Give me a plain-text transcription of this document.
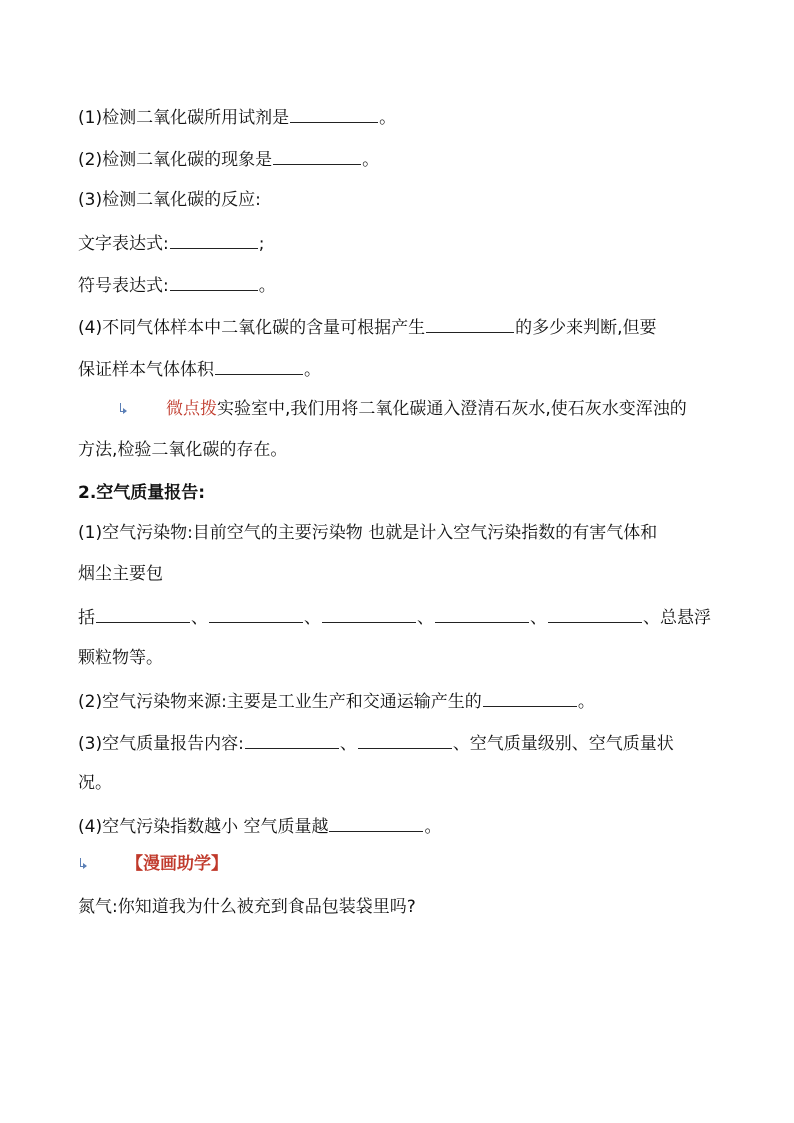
(1)检测二氧化碳所用试剂是	。
(2)检测二氧化碳的现象是	。
(3)检测二氧化碳的反应:
文字表达式:	;
符号表达式:	。
(4)不同气体样本中二氧化碳的含量可根据产生	的多少来判断,但要
保证样本气体体积	。
微点拨实验室中,我们用将二氧化碳通入澄清石灰水,使石灰水变浑浊的
方法,检验二氧化碳的存在。
2.空气质量报告:
(1)空气污染物:目前空气的主要污染物 也就是计入空气污染指数的有害气体和
烟尘主要包
括	、	、	、	、	、总悬浮
颗粒物等。
(2)空气污染物来源:主要是工业生产和交通运输产生的	。
(3)空气质量报告内容:	、	、空气质量级别、空气质量状
况。
(4)空气污染指数越小 空气质量越	。
【漫画助学】
氮气:你知道我为什么被充到食品包装袋里吗?
